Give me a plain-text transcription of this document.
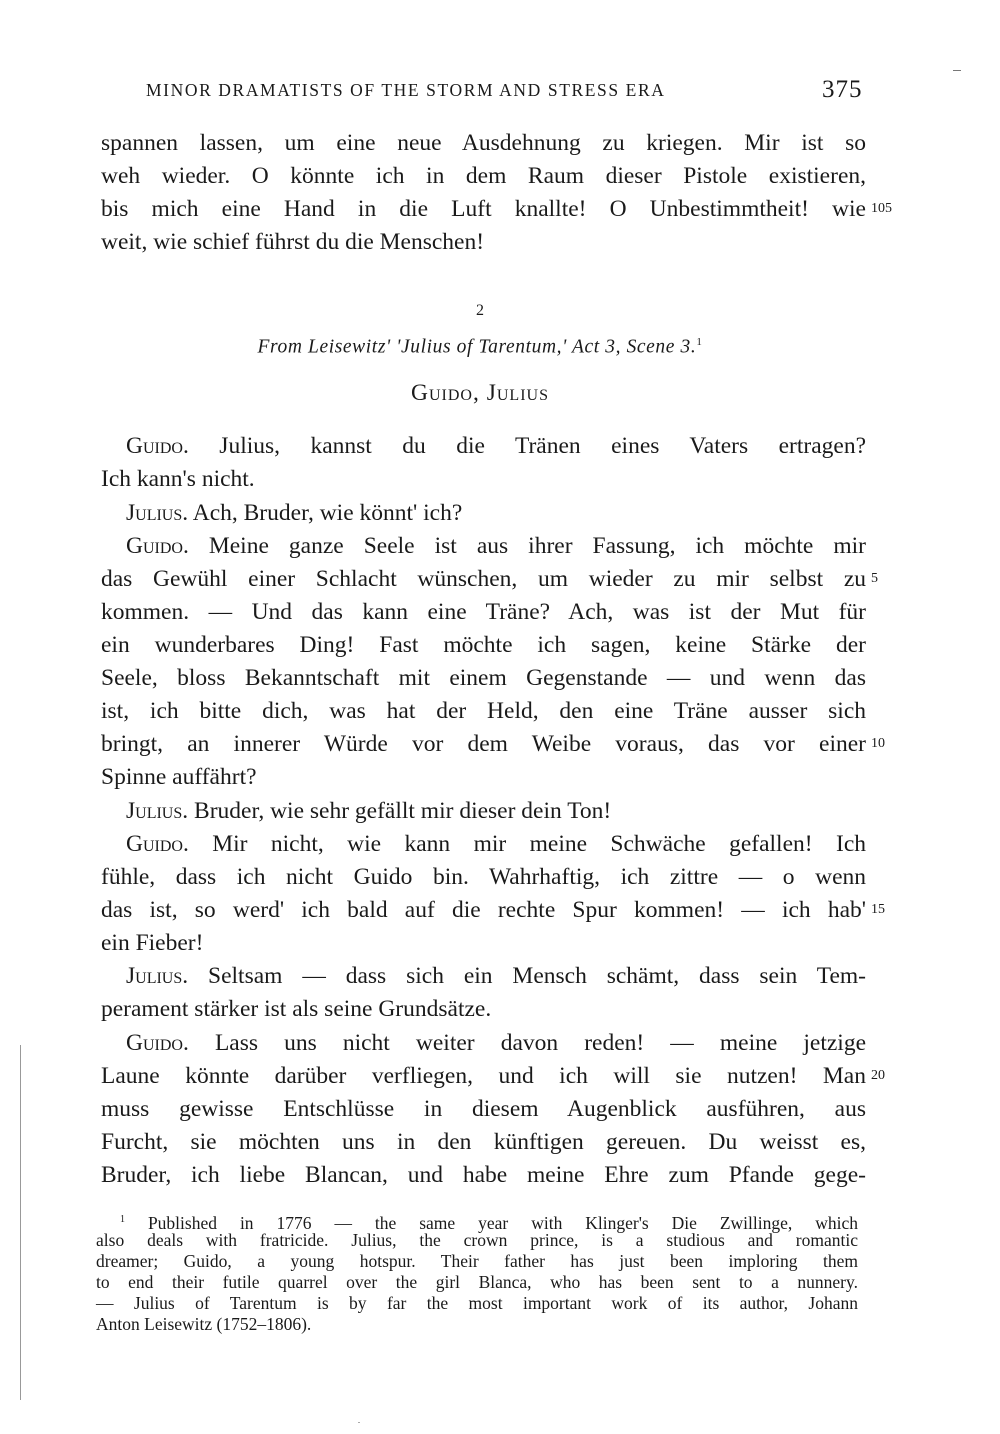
MINOR DRAMATISTS OF THE STORM AND STRESS ERA	375
spannen lassen, um eine neue Ausdehnung zu kriegen. Mir ist so
weh wieder. O könnte ich in dem Raum dieser Pistole existieren,
bis mich eine Hand in die Luft knallte! O Unbestimmtheit! wie 105
weit, wie schief führst du die Menschen!
2
From Leisewitz' 'Julius of Tarentum,' Act 3, Scene 3.$^1$
Guido, Julius
Guido. Julius, kannst du die Tränen eines Vaters ertragen?
Ich kann's nicht.
Julius. Ach, Bruder, wie könnt' ich?
Guido. Meine ganze Seele ist aus ihrer Fassung, ich möchte mir
das Gewühl einer Schlacht wünschen, um wieder zu mir selbst zu 5
kommen. — Und das kann eine Träne? Ach, was ist der Mut für
ein wunderbares Ding! Fast möchte ich sagen, keine Stärke der
Seele, bloss Bekanntschaft mit einem Gegenstande — und wenn das
ist, ich bitte dich, was hat der Held, den eine Träne ausser sich
bringt, an innerer Würde vor dem Weibe voraus, das vor einer 10
Spinne auffährt?
Julius. Bruder, wie sehr gefällt mir dieser dein Ton!
Guido. Mir nicht, wie kann mir meine Schwäche gefallen! Ich
fühle, dass ich nicht Guido bin. Wahrhaftig, ich zittre — o wenn
das ist, so werd' ich bald auf die rechte Spur kommen! — ich hab' 15
ein Fieber!
Julius. Seltsam — dass sich ein Mensch schämt, dass sein Tem-
perament stärker ist als seine Grundsätze.
Guido. Lass uns nicht weiter davon reden! — meine jetzige
Laune könnte darüber verfliegen, und ich will sie nutzen! Man 20
muss gewisse Entschlüsse in diesem Augenblick ausführen, aus
Furcht, sie möchten uns in den künftigen gereuen. Du weisst es,
Bruder, ich liebe Blancan, und habe meine Ehre zum Pfande gege-
$^1$ Published in 1776 — the same year with Klinger's Die Zwillinge, which
also deals with fratricide. Julius, the crown prince, is a studious and romantic
dreamer; Guido, a young hotspur. Their father has just been imploring them
to end their futile quarrel over the girl Blanca, who has been sent to a nunnery.
— Julius of Tarentum is by far the most important work of its author, Johann
Anton Leisewitz (1752–1806).
